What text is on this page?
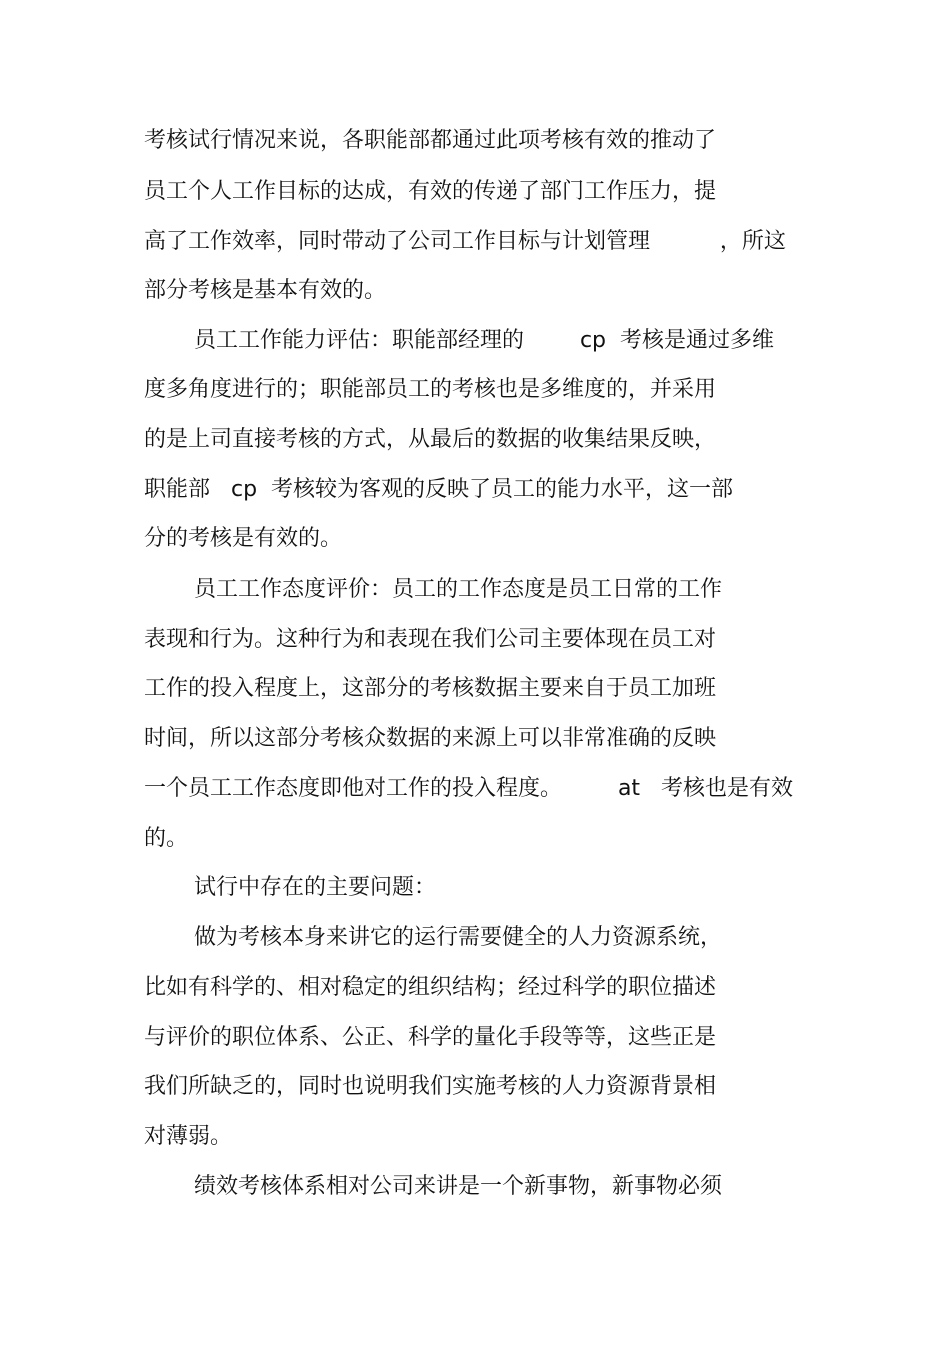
考核试行情况来说，各职能部都通过此项考核有效的推动了
员工个人工作目标的达成，有效的传递了部门工作压力，提
高了工作效率，同时带动了公司工作目标与计划管理          ，所这
部分考核是基本有效的。
员工工作能力评估：职能部经理的        cp  考核是通过多维
度多角度进行的；职能部员工的考核也是多维度的，并采用
的是上司直接考核的方式，从最后的数据的收集结果反映，
职能部   cp  考核较为客观的反映了员工的能力水平，这一部
分的考核是有效的。
员工工作态度评价：员工的工作态度是员工日常的工作
表现和行为。这种行为和表现在我们公司主要体现在员工对
工作的投入程度上，这部分的考核数据主要来自于员工加班
时间，所以这部分考核众数据的来源上可以非常准确的反映
一个员工工作态度即他对工作的投入程度。        at   考核也是有效
的。
试行中存在的主要问题：
做为考核本身来讲它的运行需要健全的人力资源系统，
比如有科学的、相对稳定的组织结构；经过科学的职位描述
与评价的职位体系、公正、科学的量化手段等等，这些正是
我们所缺乏的，同时也说明我们实施考核的人力资源背景相
对薄弱。
绩效考核体系相对公司来讲是一个新事物，新事物必须
